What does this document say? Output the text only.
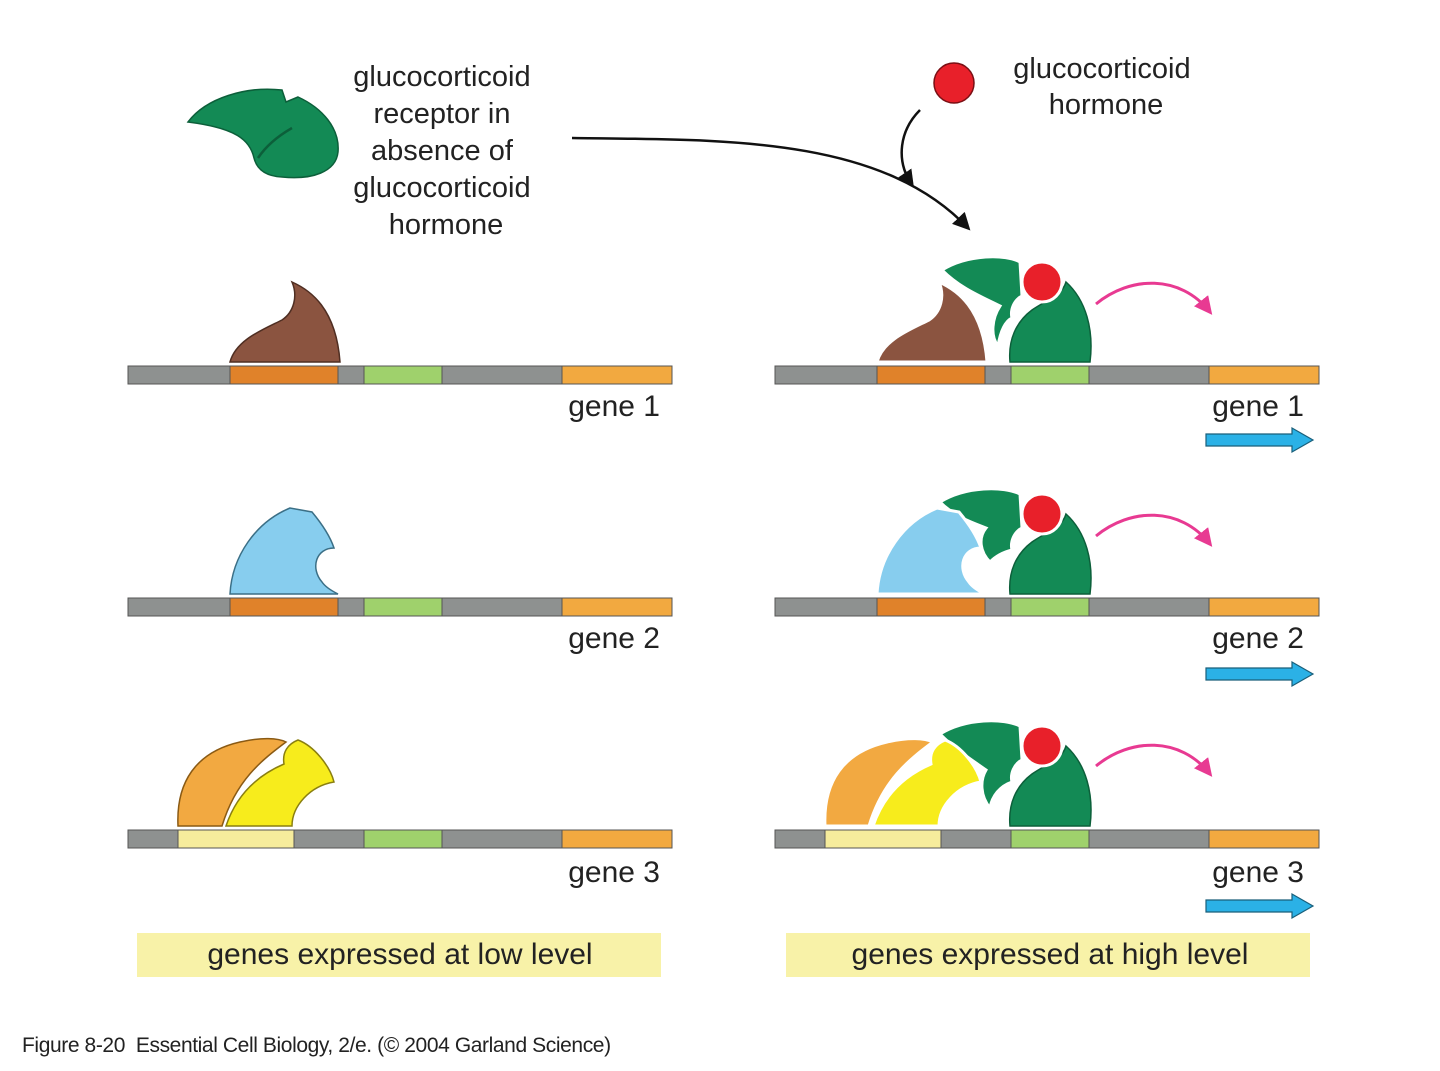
glucocorticoid receptor in absence of glucocorticoid hormone
glucocorticoid hormone
gene 1
gene 2
gene 3
genes expressed at low level
gene 1
gene 2
gene 3
genes expressed at high level
Figure 8-20  Essential Cell Biology, 2/e. (© 2004 Garland Science)
